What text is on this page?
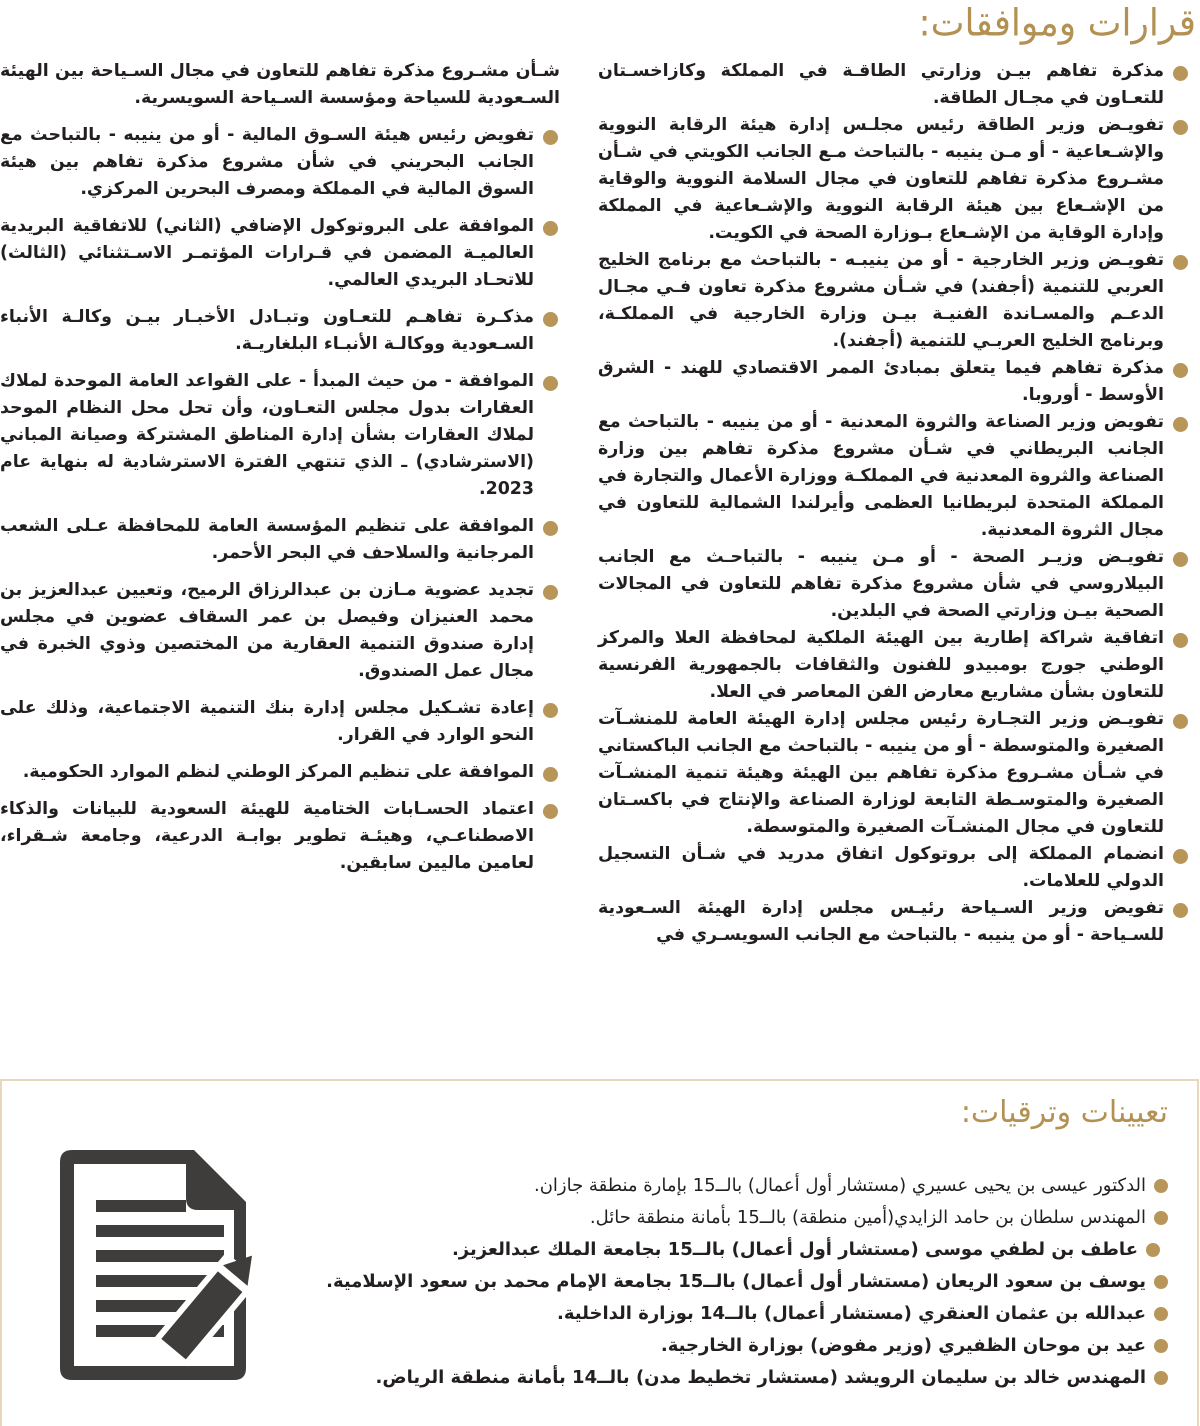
قرارات وموافقات:
مذكرة تفاهم بيـن وزارتي الطاقـة في المملكة وكازاخسـتان للتعـاون في مجـال الطاقة.
تفويـض وزير الطاقة رئيس مجلـس إدارة هيئة الرقابة النووية والإشـعاعية - أو مـن ينيبه - بالتباحث مـع الجانب الكويتي في شـأن مشـروع مذكرة تفاهم للتعاون في مجال السلامة النووية والوقاية من الإشـعاع بين هيئة الرقابة النووية والإشـعاعية في المملكة وإدارة الوقاية من الإشـعاع بـوزارة الصحة في الكويت.
تفويـض وزير الخارجية - أو من ينيبـه - بالتباحث مع برنامج الخليج العربي للتنمية (أجفند) في شـأن مشروع مذكرة تعاون فـي مجـال الدعـم والمسـاندة الفنيـة بيـن وزارة الخارجية في المملكـة، وبرنامج الخليج العربـي للتنمية (أجفند).
مذكرة تفاهم فيما يتعلق بمبادئ الممر الاقتصادي للهند - الشرق الأوسط - أوروبا.
تفويض وزير الصناعة والثروة المعدنية - أو من ينيبه - بالتباحث مع الجانب البريطاني في شـأن مشروع مذكرة تفاهم بين وزارة الصناعة والثروة المعدنية في المملكـة ووزارة الأعمال والتجارة في المملكة المتحدة لبريطانيا العظمى وأيرلندا الشمالية للتعاون في مجال الثروة المعدنية.
تفويـض وزيـر الصحة - أو مـن ينيبه - بالتباحـث مع الجانب البيلاروسي في شأن مشروع مذكرة تفاهم للتعاون في المجالات الصحية بيـن وزارتي الصحة في البلدين.
اتفاقية شراكة إطارية بين الهيئة الملكية لمحافظة العلا والمركز الوطني جورج بومبيدو للفنون والثقافات بالجمهورية الفرنسية للتعاون بشأن مشاريع معارض الفن المعاصر في العلا.
تفويـض وزير التجـارة رئيس مجلس إدارة الهيئة العامة للمنشـآت الصغيرة والمتوسطة - أو من ينيبه - بالتباحث مع الجانب الباكستاني في شـأن مشـروع مذكرة تفاهم بين الهيئة وهيئة تنمية المنشـآت الصغيرة والمتوسـطة التابعة لوزارة الصناعة والإنتاج في باكسـتان للتعاون في مجال المنشـآت الصغيرة والمتوسطة.
انضمام المملكة إلى بروتوكول اتفاق مدريد في شـأن التسجيل الدولي للعلامات.
تفويض وزير السـياحة رئيـس مجلس إدارة الهيئة السـعودية للسـياحة - أو من ينيبه - بالتباحث مع الجانب السويسـري في
شـأن مشـروع مذكرة تفاهم للتعاون في مجال السـياحة بين الهيئة السـعودية للسياحة ومؤسسة السـياحة السويسرية.
تفويض رئيس هيئة السـوق المالية - أو من ينيبه - بالتباحث مع الجانب البحريني في شأن مشروع مذكرة تفاهم بين هيئة السوق المالية في المملكة ومصرف البحرين المركزي.
الموافقة على البروتوكول الإضافي (الثاني) للاتفاقية البريدية العالميـة المضمن في قـرارات المؤتمـر الاسـتثنائي (الثالث) للاتحـاد البريدي العالمي.
مذكـرة تفاهـم للتعـاون وتبـادل الأخبـار بيـن وكالـة الأنباء السـعودية ووكالـة الأنبـاء البلغاريـة.
الموافقة - من حيث المبدأ - على القواعد العامة الموحدة لملاك العقارات بدول مجلس التعـاون، وأن تحل محل النظام الموحد لملاك العقارات بشأن إدارة المناطق المشتركة وصيانة المباني (الاسترشادي) ـ الذي تنتهي الفترة الاسترشادية له بنهاية عام 2023.
الموافقة على تنظيم المؤسسة العامة للمحافظة عـلى الشعب المرجانية والسلاحف في البحر الأحمر.
تجديد عضوية مـازن بن عبدالرزاق الرميح، وتعيين عبدالعزيز بن محمد العنيزان وفيصل بن عمر السقاف عضوين في مجلس إدارة صندوق التنمية العقارية من المختصين وذوي الخبرة في مجال عمل الصندوق.
إعادة تشـكيل مجلس إدارة بنك التنمية الاجتماعية، وذلك على النحو الوارد في القرار.
الموافقة على تنظيم المركز الوطني لنظم الموارد الحكومية.
اعتماد الحسـابات الختامية للهيئة السعودية للبيانات والذكاء الاصطناعـي، وهيئـة تطوير بوابـة الدرعية، وجامعة شـقراء، لعامين ماليين سابقين.
تعيينات وترقيات:
الدكتور عيسى بن يحيى عسيري (مستشار أول أعمال) بالــ15 بإمارة منطقة جازان.
المهندس سلطان بن حامد الزايدي(أمين منطقة) بالــ15 بأمانة منطقة حائل.
عاطف بن لطفي موسى (مستشار أول أعمال) بالــ15 بجامعة الملك عبدالعزيز.
يوسف بن سعود الريعان (مستشار أول أعمال) بالــ15 بجامعة الإمام محمد بن سعود الإسلامية.
عبدالله بن عثمان العنقري (مستشار أعمال) بالــ14 بوزارة الداخلية.
عيد بن موحان الظفيري (وزير مفوض) بوزارة الخارجية.
المهندس خالد بن سليمان الرويشد (مستشار تخطيط مدن) بالــ14 بأمانة منطقة الرياض.
